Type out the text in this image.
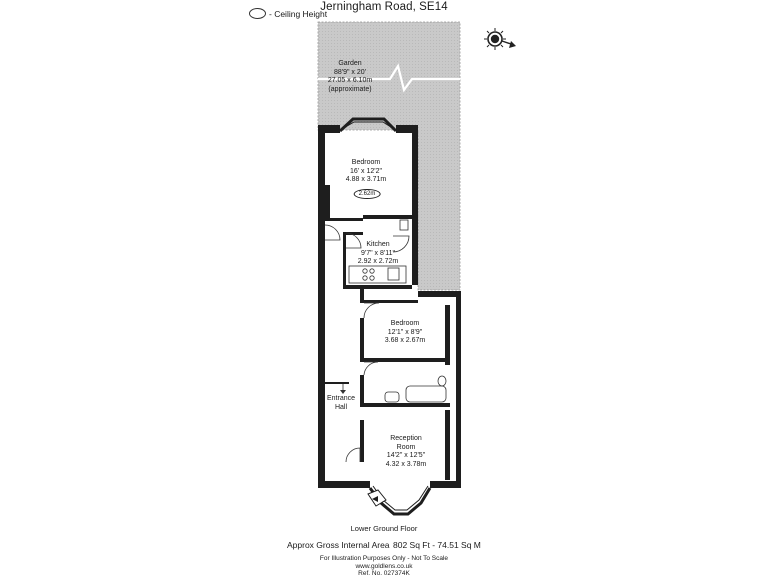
Jerningham Road, SE14
- Ceiling Height
Garden
88'9" x 20'
27.05 x 6.10m
(approximate)
Bedroom
16' x 12'2"
4.88 x 3.71m
2.62m
Kitchen
9'7" x 8'11"
2.92 x 2.72m
Bedroom
12'1" x 8'9"
3.68 x 2.67m
Entrance
Hall
Reception
Room
14'2" x 12'5"
4.32 x 3.78m
Lower Ground Floor
Approx Gross Internal Area 802 Sq Ft - 74.51 Sq M
For Illustration Purposes Only - Not To Scale
www.goldlens.co.uk
Ref. No. 027374K
